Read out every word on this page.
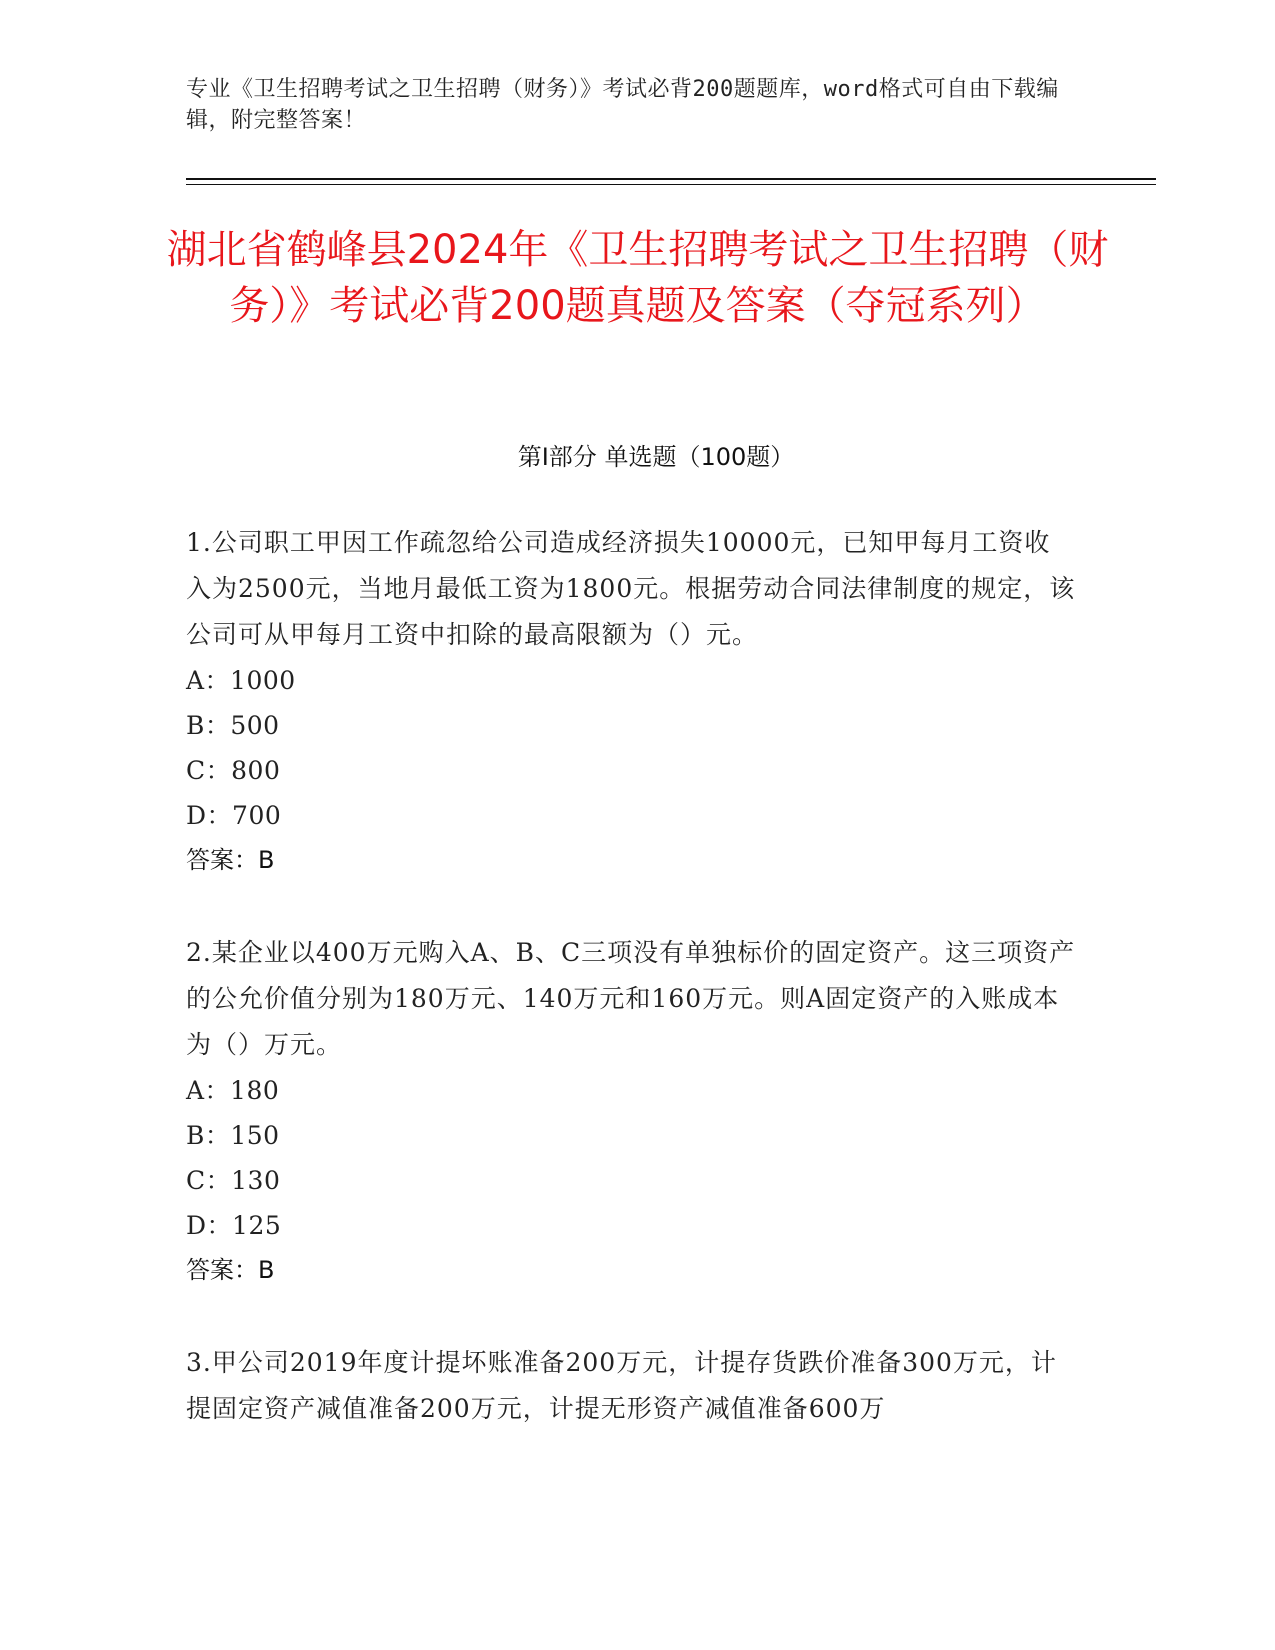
专业《卫生招聘考试之卫生招聘（财务）》考试必背200题题库，word格式可自由下载编辑，附完整答案！
湖北省鹤峰县2024年《卫生招聘考试之卫生招聘（财务）》考试必背200题真题及答案（夺冠系列）
第Ⅰ部分 单选题（100题）
1.公司职工甲因工作疏忽给公司造成经济损失10000元，已知甲每月工资收入为2500元，当地月最低工资为1800元。根据劳动合同法律制度的规定，该公司可从甲每月工资中扣除的最高限额为（）元。
A：1000
B：500
C：800
D：700
答案：B
2.某企业以400万元购入A、B、C三项没有单独标价的固定资产。这三项资产的公允价值分别为180万元、140万元和160万元。则A固定资产的入账成本为（）万元。
A：180
B：150
C：130
D：125
答案：B
3.甲公司2019年度计提坏账准备200万元，计提存货跌价准备300万元，计提固定资产减值准备200万元，计提无形资产减值准备600万
